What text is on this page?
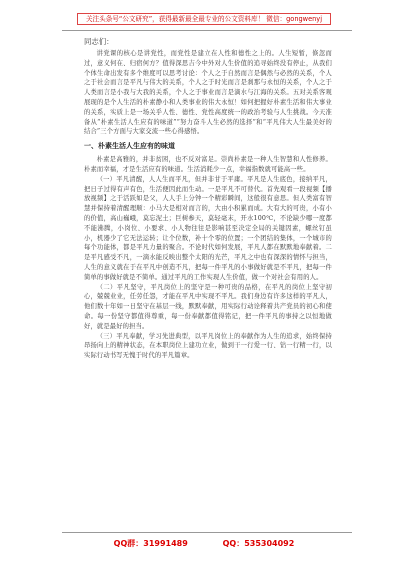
关注头条号“公文研究”，获得最新最全最专业的公文资料库！ 微信：gongwenyj

同志们：

讲党课的核心是讲党性，而党性是建立在人性和德性之上的。人生短暂，倏忽而过，意义何在、归宿何方？值得深思吉今中外对人生价值的追寻始终没有停止，从我们个体生命出发有多个维度可以思考讨论：个人之于自然而言是偶然与必然的关系，个人之于社会而言是平凡与伟大的关系，个人之于时光而言是刹那与永恒的关系，个人之于人类而言是小我与大我的关系，个人之于事业而言是滴水与江海的关系。五对关系客观展现的是个人生活的朴素静小和人类事业的伟大永恒！如何把握好朴素生活和伟大事业的关系，实质上是一场关乎人性、德性、党性高度统一的政治考验与人生挑战。今天准备从“朴素生活人生应有的味道”“努力奋斗人生必然的选择”和“平凡伟大人生最美好的结合”三个方面与大家交流一些心得感悟。

一、朴素生活人生应有的味道

朴素是高雅的，并非贫困，也不反对富足。崇尚朴素是一种人生智慧和人性修养。朴素而幸福，才是生活应有的味道。生活消耗少一点，幸福指数就可能高一些。

（一）平凡清醒，人人生而平凡，但并非甘于平庸。平凡是人生底色，接纳平凡，把日子过得有声有色，生活便因此而生动。一是平凡不可替代。首先观看一段视频【播放视频】之于活跃如是父，人人手上分钟一个精彩瞬间，这般很有意思。但人类富有智慧并保持着清醒理顺：小马大是相对而言的，大由小积累而成。大有大的可贵，小有小的价值，高山巍峨，莫忘泥土；巨树参天，莫轻毫末，开水100℃，不论缺少哪一度都不能沸腾，小岗位、小要求、小人物往往是影响甚至决定全局的关键因素，螺丝钉虽小，机器少了它无法运转；让个位数，补十个零的位置；一个团结的集体，一个城市的每个功能体，都是平凡力量的聚合。不论时代如何发展，平凡人都在默默地奉献着。二是平凡感受不凡，一滴水能反映出整个太阳的光芒，平凡之中也有深深的情怀与担当，人生的意义就在于在平凡中创造不凡，把每一件平凡的小事做好就是不平凡，把每一件简单的事做好就是不简单。通过平凡的工作实现人生价值，做一个对社会有用的人。

（二）平凡坚守，平凡岗位上的坚守是一种可贵的品格，在平凡的岗位上坚守初心，兢兢业业，任劳任怨，才能在平凡中实现不平凡。我们身边有许多这样的平凡人，他们数十年如一日坚守在基层一线，默默奉献，用实际行动诠释着共产党员的初心和使命。每一份坚守都值得尊重，每一份奉献都值得铭记，把一件平凡的事持之以恒地做好，就是最好的担当。

（三）平凡奉献，学习先进典型，以平凡岗位上的奉献作为人生的追求，始终保持昂扬向上的精神状态，在本职岗位上建功立业，做到干一行爱一行、钻一行精一行，以实际行动书写无愧于时代的平凡篇章。

QQ群：31991489	QQ：535304092
